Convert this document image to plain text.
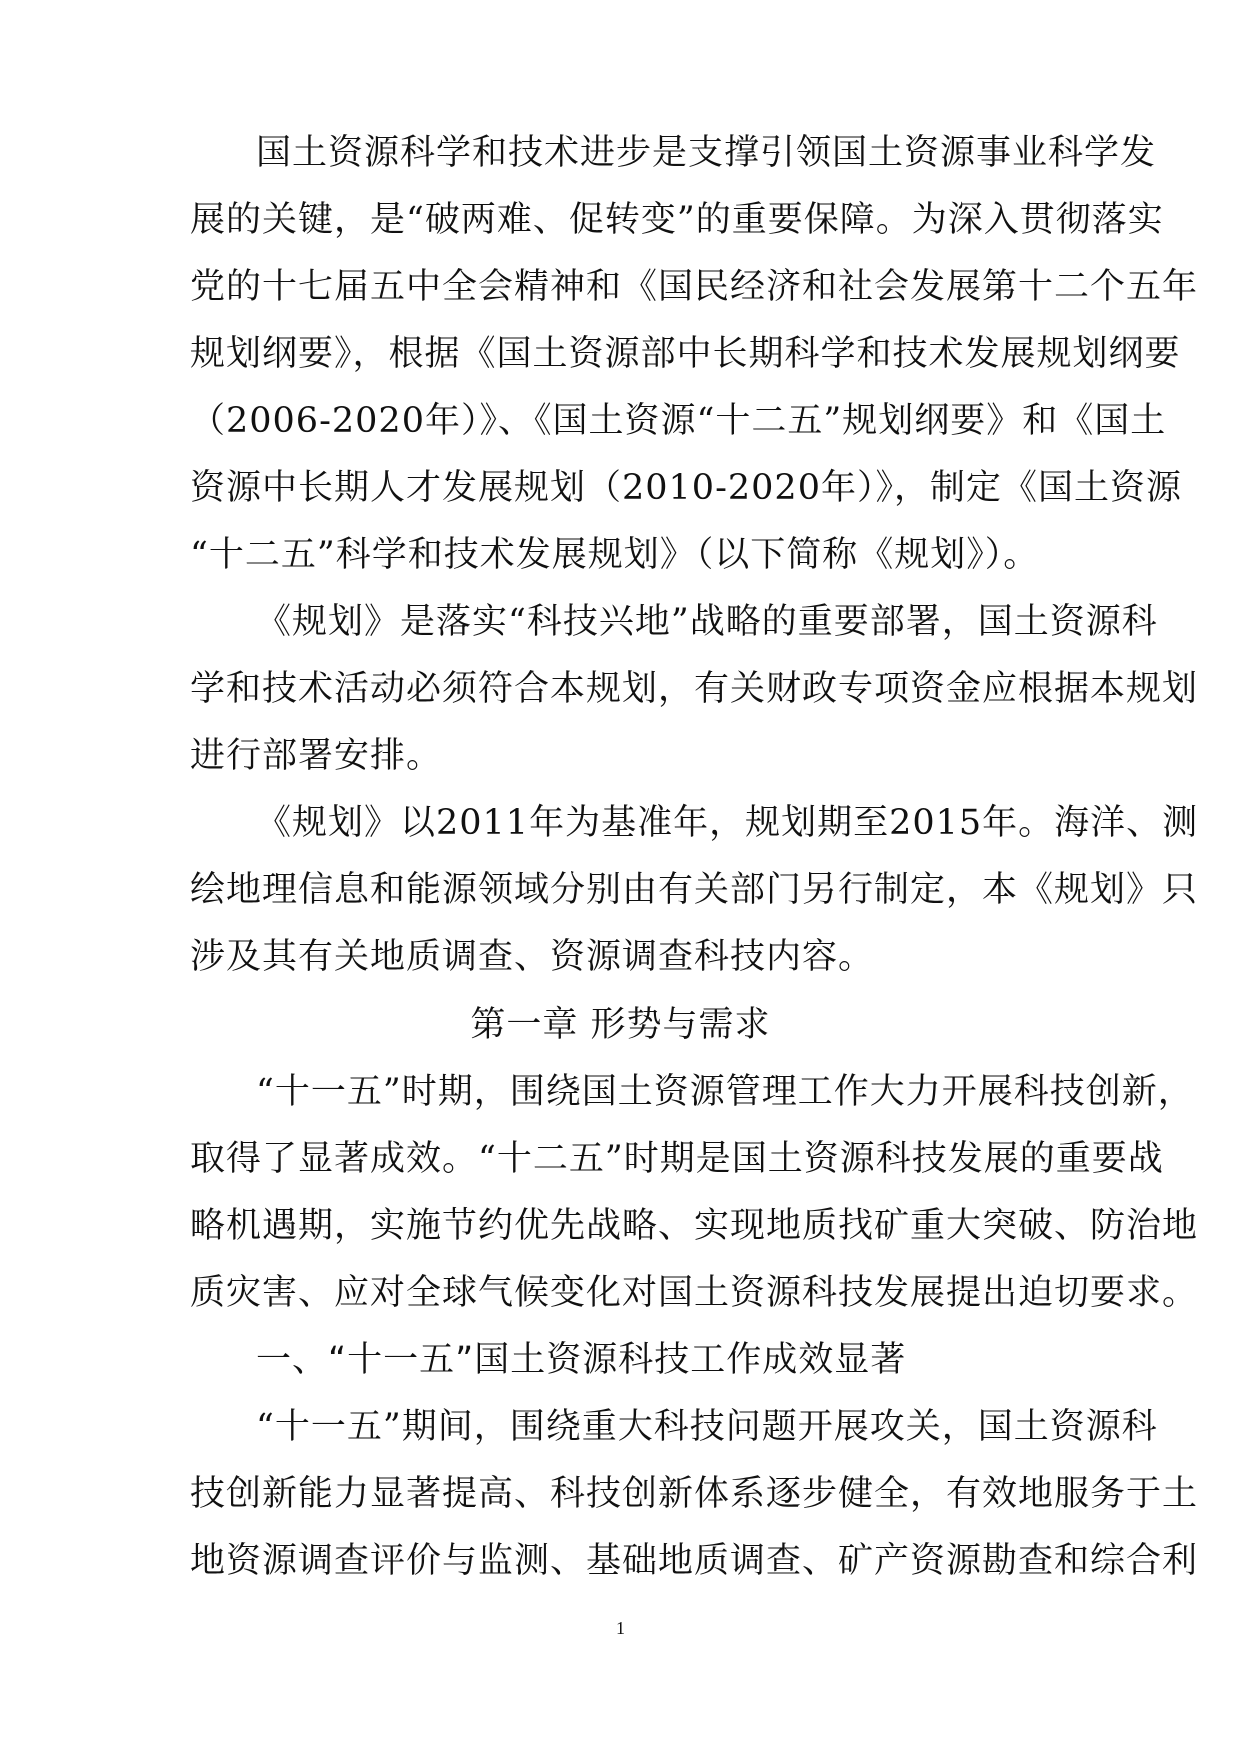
国土资源科学和技术进步是支撑引领国土资源事业科学发
展的关键，是“破两难、促转变”的重要保障。为深入贯彻落实
党的十七届五中全会精神和《国民经济和社会发展第十二个五年
规划纲要》，根据《国土资源部中长期科学和技术发展规划纲要
（2006-2020年）》、《国土资源“十二五”规划纲要》和《国土
资源中长期人才发展规划（2010-2020年）》，制定《国土资源
“十二五”科学和技术发展规划》（以下简称《规划》）。
《规划》是落实“科技兴地”战略的重要部署，国土资源科
学和技术活动必须符合本规划，有关财政专项资金应根据本规划
进行部署安排。
《规划》以2011年为基准年，规划期至2015年。海洋、测
绘地理信息和能源领域分别由有关部门另行制定，本《规划》只
涉及其有关地质调查、资源调查科技内容。
第一章 形势与需求
“十一五”时期，围绕国土资源管理工作大力开展科技创新，
取得了显著成效。“十二五”时期是国土资源科技发展的重要战
略机遇期，实施节约优先战略、实现地质找矿重大突破、防治地
质灾害、应对全球气候变化对国土资源科技发展提出迫切要求。
一、“十一五”国土资源科技工作成效显著
“十一五”期间，围绕重大科技问题开展攻关，国土资源科
技创新能力显著提高、科技创新体系逐步健全，有效地服务于土
地资源调查评价与监测、基础地质调查、矿产资源勘查和综合利
1
